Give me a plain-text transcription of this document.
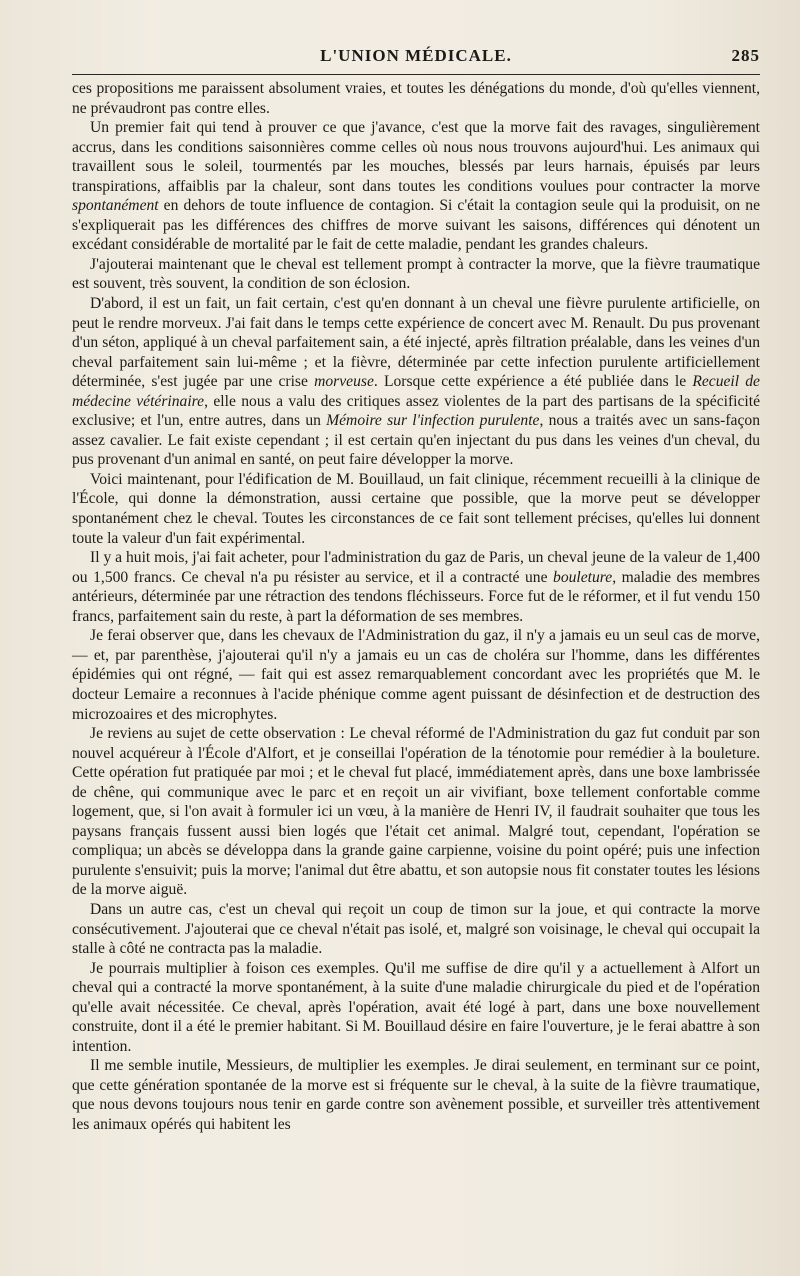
L'UNION MÉDICALE.	285

ces propositions me paraissent absolument vraies, et toutes les dénégations du monde, d'où qu'elles viennent, ne prévaudront pas contre elles.

Un premier fait qui tend à prouver ce que j'avance, c'est que la morve fait des ravages, singulièrement accrus, dans les conditions saisonnières comme celles où nous nous trouvons aujourd'hui. Les animaux qui travaillent sous le soleil, tourmentés par les mouches, blessés par leurs harnais, épuisés par leurs transpirations, affaiblis par la chaleur, sont dans toutes les conditions voulues pour contracter la morve spontanément en dehors de toute influence de contagion. Si c'était la contagion seule qui la produisit, on ne s'expliquerait pas les différences des chiffres de morve suivant les saisons, différences qui dénotent un excédant considérable de mortalité par le fait de cette maladie, pendant les grandes chaleurs.

J'ajouterai maintenant que le cheval est tellement prompt à contracter la morve, que la fièvre traumatique est souvent, très souvent, la condition de son éclosion.

D'abord, il est un fait, un fait certain, c'est qu'en donnant à un cheval une fièvre purulente artificielle, on peut le rendre morveux. J'ai fait dans le temps cette expérience de concert avec M. Renault. Du pus provenant d'un séton, appliqué à un cheval parfaitement sain, a été injecté, après filtration préalable, dans les veines d'un cheval parfaitement sain lui-même ; et la fièvre, déterminée par cette infection purulente artificiellement déterminée, s'est jugée par une crise morveuse. Lorsque cette expérience a été publiée dans le Recueil de médecine vétérinaire, elle nous a valu des critiques assez violentes de la part des partisans de la spécificité exclusive; et l'un, entre autres, dans un Mémoire sur l'infection purulente, nous a traités avec un sans-façon assez cavalier. Le fait existe cependant ; il est certain qu'en injectant du pus dans les veines d'un cheval, du pus provenant d'un animal en santé, on peut faire développer la morve.

Voici maintenant, pour l'édification de M. Bouillaud, un fait clinique, récemment recueilli à la clinique de l'École, qui donne la démonstration, aussi certaine que possible, que la morve peut se développer spontanément chez le cheval. Toutes les circonstances de ce fait sont tellement précises, qu'elles lui donnent toute la valeur d'un fait expérimental.

Il y a huit mois, j'ai fait acheter, pour l'administration du gaz de Paris, un cheval jeune de la valeur de 1,400 ou 1,500 francs. Ce cheval n'a pu résister au service, et il a contracté une bouleture, maladie des membres antérieurs, déterminée par une rétraction des tendons fléchisseurs. Force fut de le réformer, et il fut vendu 150 francs, parfaitement sain du reste, à part la déformation de ses membres.

Je ferai observer que, dans les chevaux de l'Administration du gaz, il n'y a jamais eu un seul cas de morve, — et, par parenthèse, j'ajouterai qu'il n'y a jamais eu un cas de choléra sur l'homme, dans les différentes épidémies qui ont régné, — fait qui est assez remarquablement concordant avec les propriétés que M. le docteur Lemaire a reconnues à l'acide phénique comme agent puissant de désinfection et de destruction des microzoaires et des microphytes.

Je reviens au sujet de cette observation : Le cheval réformé de l'Administration du gaz fut conduit par son nouvel acquéreur à l'École d'Alfort, et je conseillai l'opération de la ténotomie pour remédier à la bouleture. Cette opération fut pratiquée par moi ; et le cheval fut placé, immédiatement après, dans une boxe lambrissée de chêne, qui communique avec le parc et en reçoit un air vivifiant, boxe tellement confortable comme logement, que, si l'on avait à formuler ici un vœu, à la manière de Henri IV, il faudrait souhaiter que tous les paysans français fussent aussi bien logés que l'était cet animal. Malgré tout, cependant, l'opération se compliqua; un abcès se développa dans la grande gaine carpienne, voisine du point opéré; puis une infection purulente s'ensuivit; puis la morve; l'animal dut être abattu, et son autopsie nous fit constater toutes les lésions de la morve aiguë.

Dans un autre cas, c'est un cheval qui reçoit un coup de timon sur la joue, et qui contracte la morve consécutivement. J'ajouterai que ce cheval n'était pas isolé, et, malgré son voisinage, le cheval qui occupait la stalle à côté ne contracta pas la maladie.

Je pourrais multiplier à foison ces exemples. Qu'il me suffise de dire qu'il y a actuellement à Alfort un cheval qui a contracté la morve spontanément, à la suite d'une maladie chirurgicale du pied et de l'opération qu'elle avait nécessitée. Ce cheval, après l'opération, avait été logé à part, dans une boxe nouvellement construite, dont il a été le premier habitant. Si M. Bouillaud désire en faire l'ouverture, je le ferai abattre à son intention.

Il me semble inutile, Messieurs, de multiplier les exemples. Je dirai seulement, en terminant sur ce point, que cette génération spontanée de la morve est si fréquente sur le cheval, à la suite de la fièvre traumatique, que nous devons toujours nous tenir en garde contre son avènement possible, et surveiller très attentivement les animaux opérés qui habitent les
